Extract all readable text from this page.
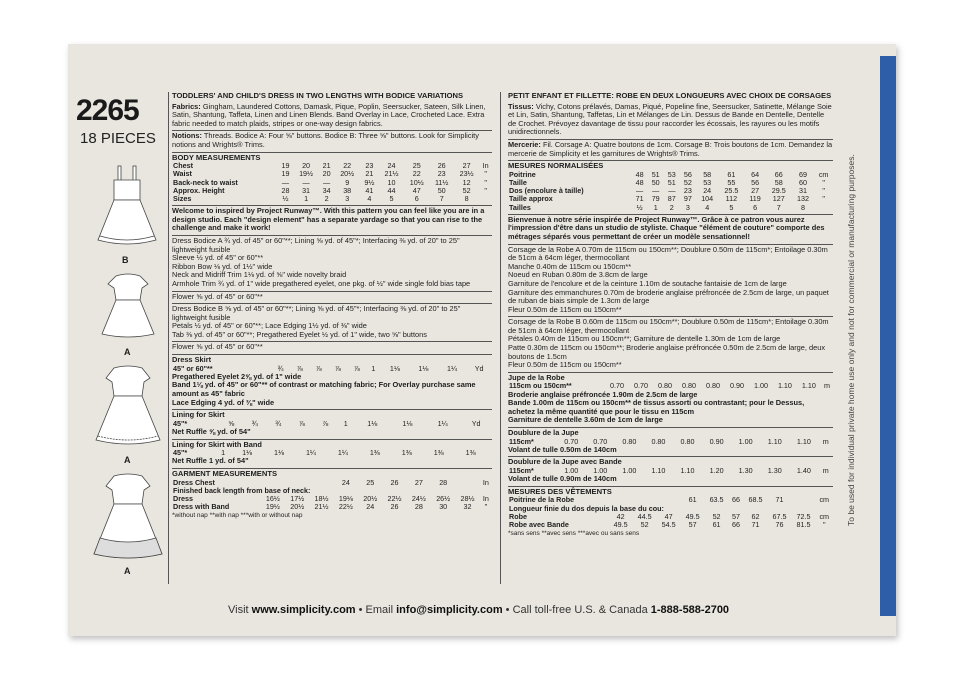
To be used for individual private home use only and not for commercial or manufacturing purposes.
2265
18 PIECES
B
A
A
A
TODDLERS' AND CHILD'S DRESS IN TWO LENGTHS WITH BODICE VARIATIONS
Fabrics: Gingham, Laundered Cottons, Damask, Pique, Poplin, Seersucker, Sateen, Silk Linen, Satin, Shantung, Taffeta, Linen and Linen Blends. Band Overlay in Lace, Crocheted Lace. Extra fabric needed to match plaids, stripes or one-way design fabrics.
Notions: Threads. Bodice A: Four ⅝" buttons. Bodice B: Three ⅝" buttons. Look for Simplicity notions and Wrights® Trims.
BODY MEASUREMENTS
Chest	19	20	21	22	23	24	25	26	27	In
Waist	19	19½	20	20½	21	21½	22	23	23½	"
Back-neck to waist	—	—	—	9	9½	10	10½	11½	12	"
Approx. Height	28	31	34	38	41	44	47	50	52	"
Sizes	½	1	2	3	4	5	6	7	8	
Welcome to inspired by Project Runway™. With this pattern you can feel like you are in a design studio. Each "design element" has a separate yardage so that you can rise to the challenge and make it work!
Dress Bodice A ¾ yd. of 45" or 60"**; Lining ⅝ yd. of 45"*; Interfacing ⅜ yd. of 20" to 25" lightweight fusible
Sleeve ½ yd. of 45" or 60"**
Ribbon Bow ⅛ yd. of 1½" wide
Neck and Midriff Trim 1⅛ yd. of ⅝" wide novelty braid
Armhole Trim ¾ yd. of 1" wide pregathered eyelet, one pkg. of ½" wide single fold bias tape
Flower ⅝ yd. of 45" or 60"**
Dress Bodice B ⅝ yd. of 45" or 60"**; Lining ⅝ yd. of 45"*; Interfacing ⅜ yd. of 20" to 25" lightweight fusible
Petals ½ yd. of 45" or 60"**; Lace Edging 1½ yd. of ⅜" wide
Tab ⅜ yd. of 45" or 60"**; Pregathered Eyelet ½ yd. of 1" wide, two ⅝" buttons
Flower ⅝ yd. of 45" or 60"**
Dress Skirt
45" or 60"**	¾	⅞	⅞	⅞	⅞	1	1⅛	1⅛	1¼	Yd
Pregathered Eyelet 2⅝ yd. of 1" wide
Band 1⅛ yd. of 45" or 60"** of contrast or matching fabric; For Overlay purchase same amount as 45" fabric
Lace Edging 4 yd. of ⅜" wide
Lining for Skirt
45"*	⅝	¾	¾	⅞	⅞	1	1⅛	1⅛	1¼	Yd
Net Ruffle ⅝ yd. of 54"
Lining for Skirt with Band
45"*	1	1⅛	1⅛	1¼	1¼	1⅜	1⅜	1⅜	1⅜	
Net Ruffle 1 yd. of 54"
GARMENT MEASUREMENTS
Dress Chest				24	25	26	27	28		In
Finished back length from base of neck:										
Dress	16½	17½	18½	19⅛	20½	22½	24½	26½	28½	In
Dress with Band	19½	20½	21½	22½	24	26	28	30	32	"
*without nap **with nap ***with or without nap
PETIT ENFANT ET FILLETTE: ROBE EN DEUX LONGUEURS AVEC CHOIX DE CORSAGES
Tissus: Vichy, Cotons prélavés, Damas, Piqué, Popeline fine, Seersucker, Satinette, Mélange Soie et Lin, Satin, Shantung, Taffetas, Lin et Mélanges de Lin. Dessus de Bande en Dentelle, Dentelle de Crochet. Prévoyez davantage de tissu pour raccorder les écossais, les rayures ou les motifs unidirectionnels.
Mercerie: Fil. Corsage A: Quatre boutons de 1cm. Corsage B: Trois boutons de 1cm. Demandez la mercerie de Simplicity et les garnitures de Wrights® Trims.
MESURES NORMALISÉES
Poitrine	48	51	53	56	58	61	64	66	69	cm
Taille	48	50	51	52	53	55	56	58	60	"
Dos (encolure à taille)	—	—	—	23	24	25.5	27	29.5	31	"
Taille approx	71	79	87	97	104	112	119	127	132	"
Tailles	½	1	2	3	4	5	6	7	8	
Bienvenue à notre série inspirée de Project Runway™. Grâce à ce patron vous aurez l'impression d'être dans un studio de styliste. Chaque "élément de couture" comporte des métrages séparés vous permettant de créer un modèle sensationnel!
Corsage de la Robe A 0.70m de 115cm ou 150cm**; Doublure 0.50m de 115cm*; Entoilage 0.30m de 51cm à 64cm léger, thermocollant
Manche 0.40m de 115cm ou 150cm**
Noeud en Ruban 0.80m de 3.8cm de large
Garniture de l'encolure et de la ceinture 1.10m de soutache fantaisie de 1cm de large
Garniture des emmanchures 0.70m de broderie anglaise préfroncée de 2.5cm de large, un paquet de ruban de biais simple de 1.3cm de large
Fleur 0.50m de 115cm ou 150cm**
Corsage de la Robe B 0.60m de 115cm ou 150cm**; Doublure 0.50m de 115cm*; Entoilage 0.30m de 51cm à 64cm léger, thermocollant
Pétales 0.40m de 115cm ou 150cm**; Garniture de dentelle 1.30m de 1cm de large
Patte 0.30m de 115cm ou 150cm**; Broderie anglaise préfroncée 0.50m de 2.5cm de large, deux boutons de 1.5cm
Fleur 0.50m de 115cm ou 150cm**
Jupe de la Robe
115cm ou 150cm**	0.70	0.70	0.80	0.80	0.80	0.90	1.00	1.10	1.10	m
Broderie anglaise préfroncée 1.90m de 2.5cm de large
Bande 1.00m de 115cm ou 150cm** de tissus assorti ou contrastant; pour le Dessus, achetez la même quantité que pour le tissu en 115cm
Garniture de dentelle 3.60m de 1cm de large
Doublure de la Jupe
115cm*	0.70	0.70	0.80	0.80	0.80	0.90	1.00	1.10	1.10	m
Volant de tulle 0.50m de 140cm
Doublure de la Jupe avec Bande
115cm*	1.00	1.00	1.00	1.10	1.10	1.20	1.30	1.30	1.40	m
Volant de tulle 0.90m de 140cm
MESURES DES VÊTEMENTS
Poitrine de la Robe				61	63.5	66	68.5	71		cm
Longueur finie du dos depuis la base du cou:										
Robe	42	44.5	47	49.5	52	57	62	67.5	72.5	cm
Robe avec Bande	49.5	52	54.5	57	61	66	71	76	81.5	"
*sans sens **avec sens ***avec ou sans sens
Visit www.simplicity.com • Email info@simplicity.com • Call toll-free U.S. & Canada 1-888-588-2700
